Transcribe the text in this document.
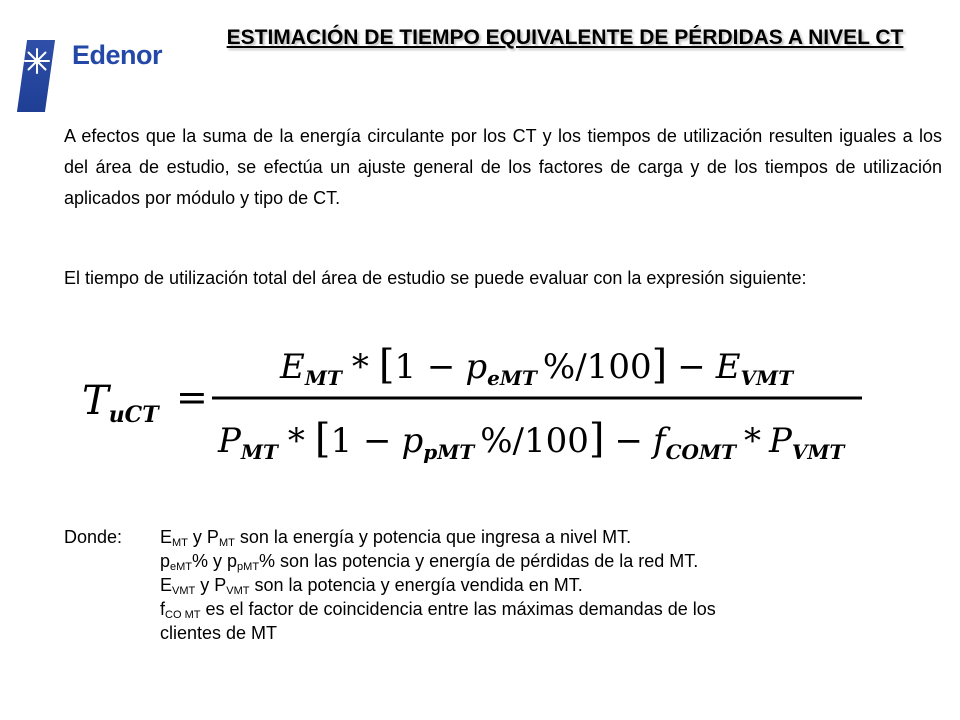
Edenor
ESTIMACIÓN DE TIEMPO EQUIVALENTE DE PÉRDIDAS A NIVEL CT

A efectos que la suma de la energía circulante por los CT y los tiempos de utilización resulten iguales a los del área de estudio, se efectúa un ajuste general de los factores de carga y de los tiempos de utilización aplicados por módulo y tipo de CT.

El tiempo de utilización total del área de estudio se puede evaluar con la expresión siguiente:

$T_{uCT}$ =
$E_{MT} * [1 - p_{eMT}$ $\%/100] - E_{VMT}$
$P_{MT} * [1 - p_{pMT}$ $\%/100] - f_{COMT} * P_{VMT}$
Donde: $E_{MT}$ y $P_{MT}$ son la energía y potencia que ingresa a nivel MT.
$p_{eMT}\%$ y $p_{pMT}\%$ son las potencia y energía de pérdidas de la red MT.
$E_{VMT}$ y $P_{VMT}$ son la potencia y energía vendida en MT.
$f_{CO MT}$ es el factor de coincidencia entre las máximas demandas de los
clientes de MT
